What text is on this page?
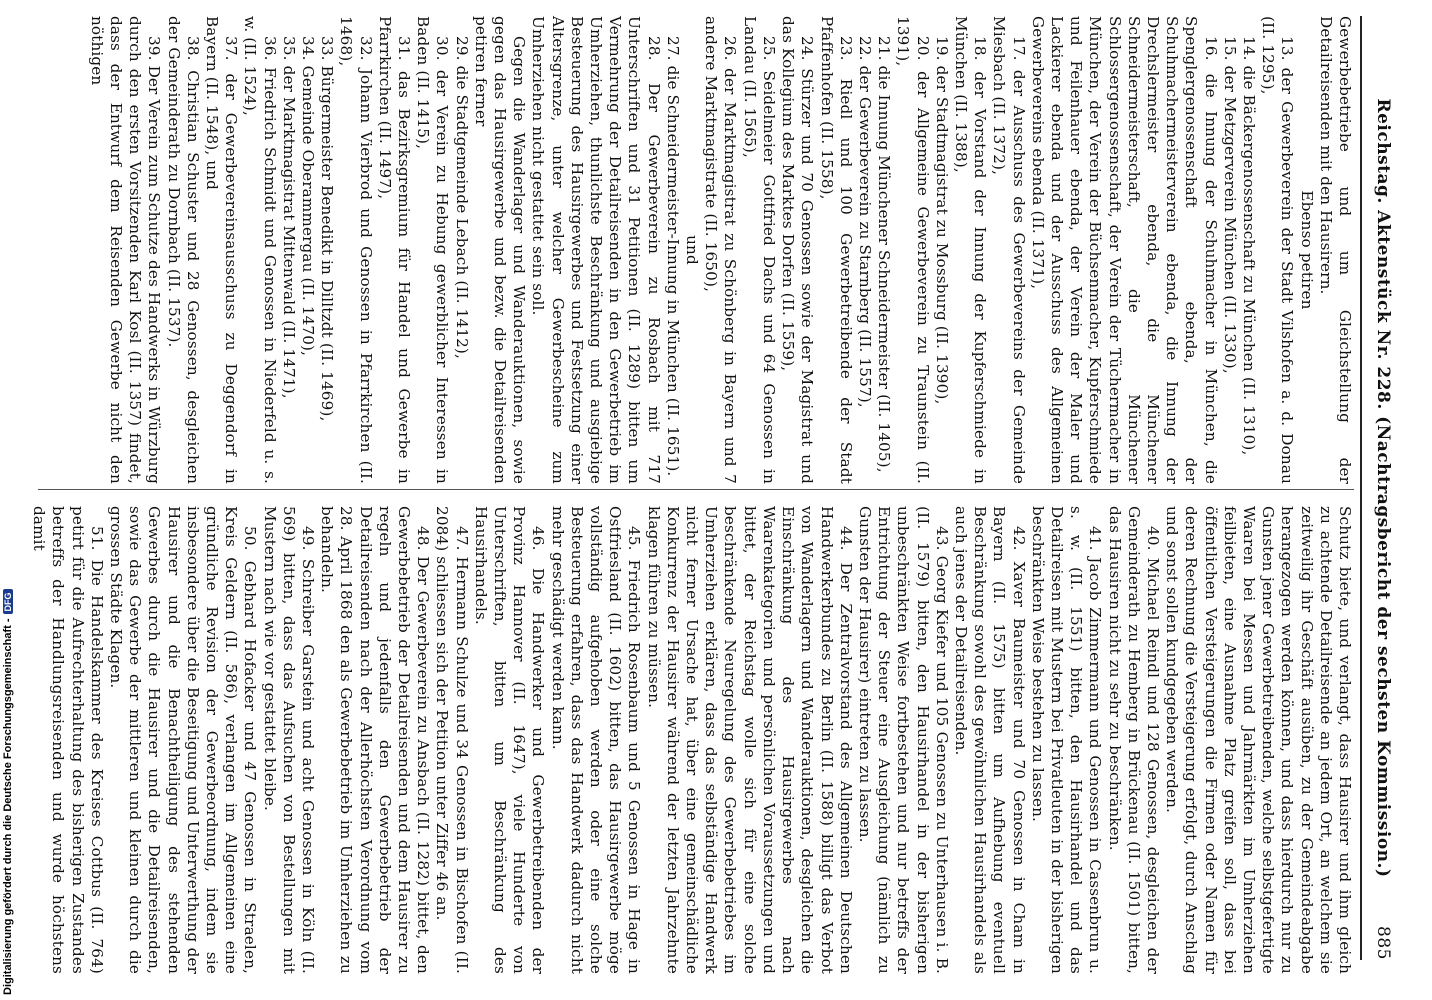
Reichstag. Aktenstück Nr. 228. (Nachtragsbericht der sechsten Kommission.)
885

Gewerbebetriebe und um Gleichstellung der Detailreisenden mit den Hausirern.

Ebenso petiren

13. der Gewerbeverein der Stadt Vilshofen a. d. Donau (II. 1295),

14. die Bäckergenossenschaft zu München (II. 1310),

15. der Metzgerverein München (II. 1330),

16. die Innung der Schuhmacher in München, die Spenglergenossenschaft ebenda, der Schuhmachermeisterverein ebenda, die Innung der Drechslermeister ebenda, die Münchener Schneidermeisterschaft, die Münchener Schlossergenossenschaft, der Verein der Tüchermacher in München, der Verein der Büchsenmacher, Kupferschmiede und Feilenhauer ebenda, der Verein der Maler und Lackierer ebenda und der Ausschuss des Allgemeinen Gewerbevereins ebenda (II. 1371),

17. der Ausschuss des Gewerbevereins der Gemeinde Miesbach (II. 1372),

18. der Vorstand der Innung der Kupferschmiede in München (II. 1388),

19. der Stadtmagistrat zu Mossburg (II. 1390),

20. der Allgemeine Gewerbeverein zu Traunstein (II. 1391),

21. die Innung Münchener Schneidermeister (II. 1405),

22. der Gewerbeverein zu Starnberg (II. 1557),

23. Riedl und 100 Gewerbetreibende der Stadt Pfaffenhofen (II. 1558),

24. Stürzer und 70 Genossen sowie der Magistrat und das Kollegium des Marktes Dorfen (II. 1559),

25. Seidelmeier Gottfried Dachs und 64 Genossen in Landau (II. 1565),

26. der Marktmagistrat zu Schönberg in Bayern und 7 andere Marktmagistrate (II. 1650),

und

27. die Schneidermeister-Innung in München (II. 1651).

28. Der Gewerbeverein zu Rosbach mit 717 Unterschriften und 31 Petitionen (II. 1289) bitten um Vermehrung der Detailreisenden in den Gewerbetrieb im Umherziehen, thunlichste Beschränkung und ausgiebige Besteuerung des Hausirgewerbes und Festsetzung einer Altersgrenze, unter welcher Gewerbescheine zum Umherziehen nicht gestattet sein soll.

Gegen die Wanderlager und Wanderauktionen, sowie gegen das Hausirgewerbe und bezw. die Detailreisenden petiren ferner

29. die Stadtgemeinde Lebach (II. 1412),

30. der Verein zu Hebung gewerblicher Interessen in Baden (II. 1415),

31. das Bezirksgremium für Handel und Gewerbe in Pfarrkirchen (II. 1497),

32. Johann Vierbrod und Genossen in Pfarrkirchen (II. 1468),

33. Bürgermeister Benedikt in Dilltzdt (II. 1469),

34. Gemeinde Oberammergau (II. 1470),

35. der Marktmagistrat Mittenwald (II. 1471),

36. Friedrich Schmidt und Genossen in Niederfeld u. s. w. (II. 1524),

37. der Gewerbevereinsausschuss zu Deggendorf in Bayern (II. 1548), und

38. Christian Schuster und 28 Genossen, desgleichen der Gemeinderath zu Dornbach (II. 1537).

39. Der Verein zum Schutze des Handwerks in Würzburg durch den ersten Vorsitzenden Karl Kosl (II. 1357) findet, dass der Entwurf dem Reisenden Gewerbe nicht den nöthigen

Schutz biete, und verlangt, dass Hausirer und ihm gleich zu achtende Detailreisende an jedem Ort, an welchem sie zeitweilig ihr Geschäft ausüben, zu der Gemeindeabgabe herangezogen werden können, und dass hierdurch nur zu Gunsten jener Gewerbetreibenden, welche selbstgefertigte Waaren bei Messen und Jahrmärkten im Umherziehen feilbieten, eine Ausnahme Platz greifen soll, dass bei öffentlichen Versteigerungen die Firmen oder Namen für deren Rechnung die Versteigerung erfolgt, durch Anschlag und sonst sollen kundgegeben werden.

40. Michael Reindl und 128 Genossen, desgleichen der Gemeinderath zu Hemberg in Brückenau (II. 1501) bitten, das Hausiren nicht zu sehr zu beschränken.

41. Jacob Zimmermann und Genossen in Cassenbrun u. s. w. (II. 1551) bitten, den Hausirhandel und das Detailreisen mit Mustern bei Privatleuten in der bisherigen beschränkten Weise bestehen zu lassen.

42. Xaver Baumeister und 70 Genossen in Cham in Bayern (II. 1575) bitten um Aufhebung eventuell Beschränkung sowohl des gewöhnlichen Hausirhandels als auch jenes der Detailreisenden.

43. Georg Kiefer und 105 Genossen zu Unterhausen i. B. (II. 1579) bitten, den Hausirhandel in der bisherigen unbeschränkten Weise fortbestehen und nur betreffs der Entrichtung der Steuer eine Ausgleichung (nämlich zu Gunsten der Hausirer) eintreten zu lassen.

44. Der Zentralvorstand des Allgemeinen Deutschen Handwerkerbundes zu Berlin (II. 1588) billigt das Verbot von Wanderlagern und Wanderauktionen, desgleichen die Einschränkung des Hausirgewerbes nach Waarenkategorien und persönlichen Voraussetzungen und bittet, der Reichstag wolle sich für eine solche beschränkende Neuregelung des Gewerbebetriebes im Umherziehen erklären, dass das selbständige Handwerk nicht ferner Ursache hat, über eine gemeinschädliche Konkurrenz der Hausirer während der letzten Jahrzehnte klagen führen zu müssen.

45. Friedrich Rosenbaum und 5 Genossen in Hage in Ostfriesland (II. 1602) bitten, das Hausirgewerbe möge vollständig aufgehoben werden oder eine solche Besteuerung erfahren, dass das Handwerk dadurch nicht mehr geschädigt werden kann.

46. Die Handwerker und Gewerbetreibenden der Provinz Hannover (II. 1647), viele Hunderte von Unterschriften, bitten um Beschränkung des Hausirhandels.

47. Hermann Schulze und 34 Genossen in Bischofen (II. 2084) schliessen sich der Petition unter Ziffer 46 an.

48. Der Gewerbeverein zu Ansbach (II. 1282) bittet, den Gewerbebetrieb der Detailreisenden und dem Hausirer zu regeln und jedenfalls den Gewerbebetrieb der Detailreisenden nach der Allerhöchsten Verordnung vom 28. April 1868 den als Gewerbebetrieb im Umherziehen zu behandeln.

49. Schreiber Garstein und acht Genossen in Köln (II. 569) bitten, dass das Aufsuchen von Bestellungen mit Mustern nach wie vor gestattet bleibe.

50. Gebhard Hofacker und 47 Genossen in Straelen, Kreis Geldern (II. 586), verlangen im Allgemeinen eine gründliche Revision der Gewerbeordnung, indem sie insbesondere über die Beseitigung und Unterwerthung der Hausirer und die Benachtheiligung des stehenden Gewerbes durch die Hausirer und die Detailreisenden, sowie das Gewerbe der mittleren und kleinen durch die grossen Städte Klagen.

51. Die Handelskammer des Kreises Cottbus (II. 764) petirt für die Aufrechterhaltung des bisherigen Zustandes betreffs der Handlungsreisenden und wurde höchstens damit

Digitalisierung gefördert durch die Deutsche Forschungsgemeinschaft -DFG
